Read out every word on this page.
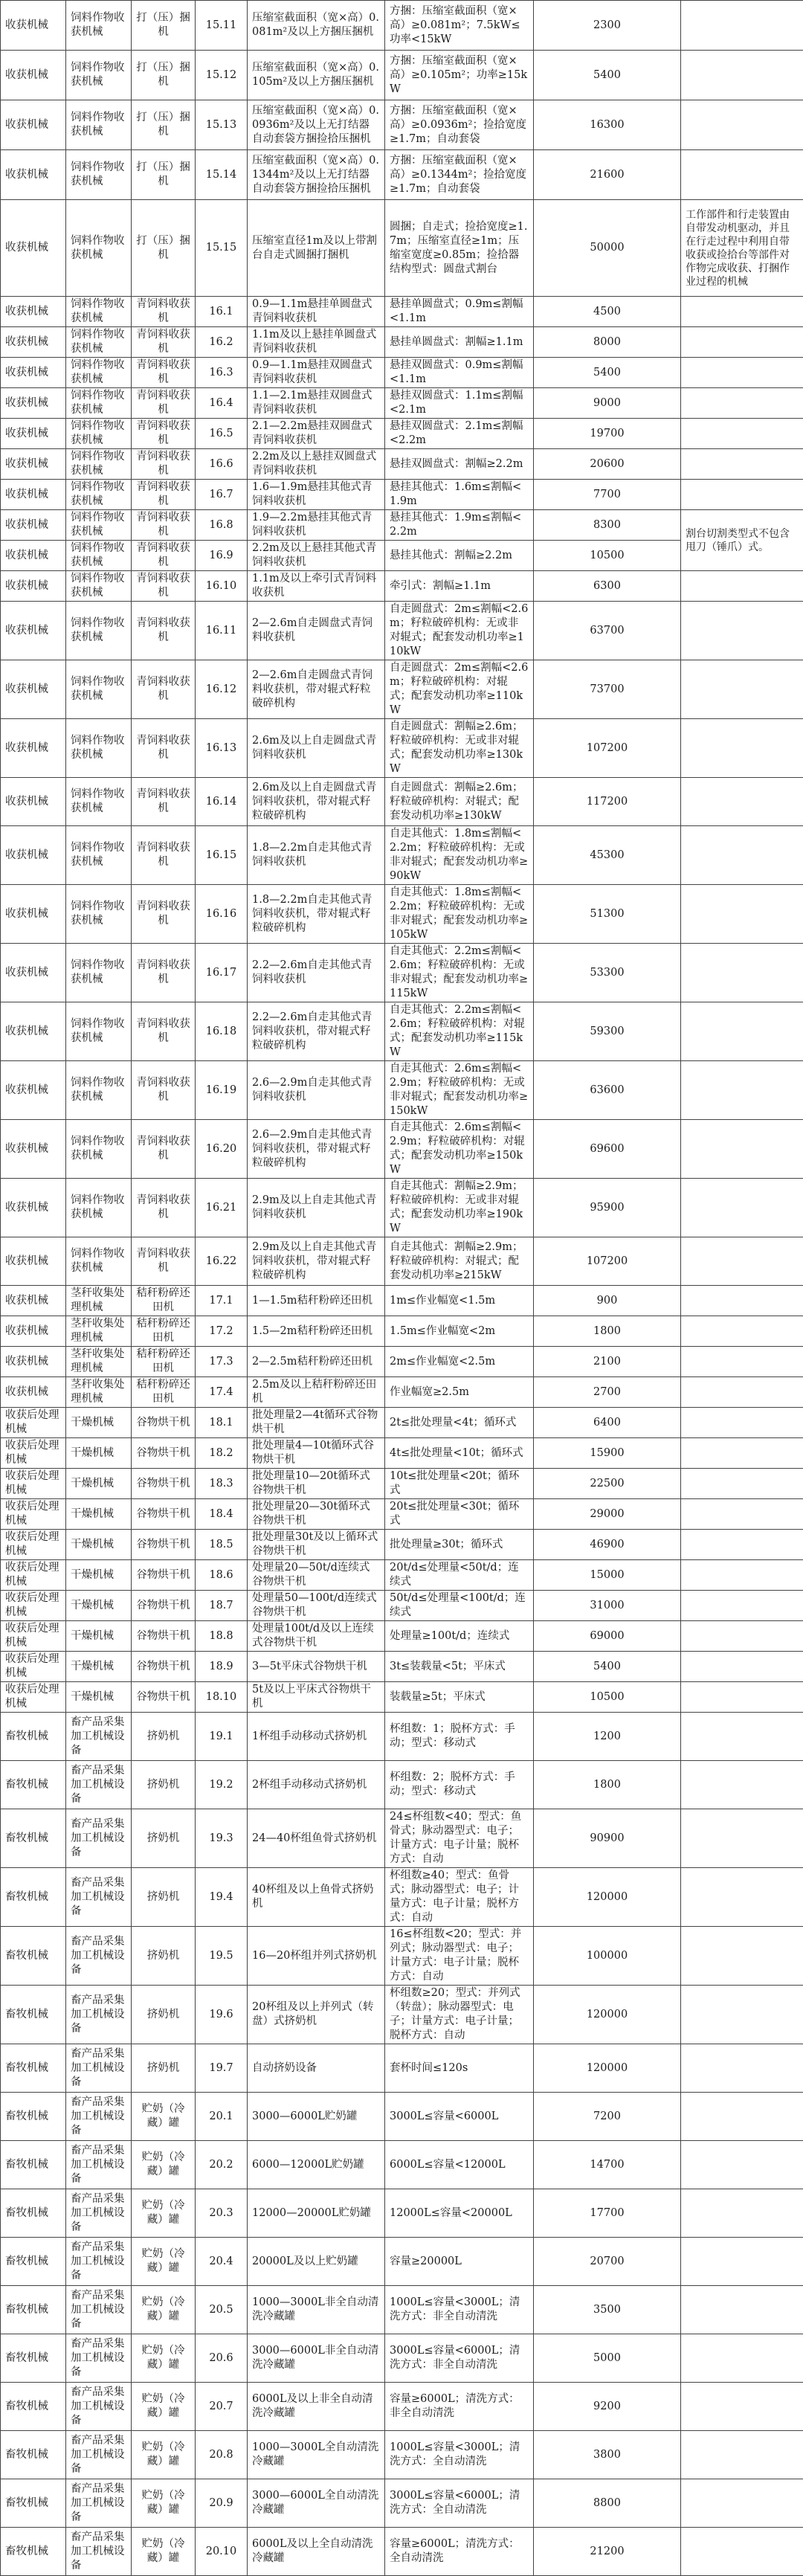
收获机械	饲料作物收获机械	打（压）捆机	15.11	压缩室截面积（宽×高）0.081m²及以上方捆压捆机	方捆：压缩室截面积（宽×高）≥0.081m²；7.5kW≤功率<15kW	2300	
收获机械	饲料作物收获机械	打（压）捆机	15.12	压缩室截面积（宽×高）0.105m²及以上方捆压捆机	方捆：压缩室截面积（宽×高）≥0.105m²；功率≥15kW	5400	
收获机械	饲料作物收获机械	打（压）捆机	15.13	压缩室截面积（宽×高）0.0936m²及以上无打结器自动套袋方捆捡拾压捆机	方捆：压缩室截面积（宽×高）≥0.0936m²；捡拾宽度≥1.7m；自动套袋	16300	
收获机械	饲料作物收获机械	打（压）捆机	15.14	压缩室截面积（宽×高）0.1344m²及以上无打结器自动套袋方捆捡拾压捆机	方捆：压缩室截面积（宽×高）≥0.1344m²；捡拾宽度≥1.7m；自动套袋	21600	
收获机械	饲料作物收获机械	打（压）捆机	15.15	压缩室直径1m及以上带割台自走式圆捆打捆机	圆捆；自走式；捡拾宽度≥1.7m；压缩室直径≥1m；压缩室宽度≥0.85m；捡拾器结构型式：圆盘式割台	50000	工作部件和行走装置由自带发动机驱动，并且在行走过程中利用自带收获或捡拾台等部件对作物完成收获、打捆作业过程的机械
收获机械	饲料作物收获机械	青饲料收获机	16.1	0.9—1.1m悬挂单圆盘式青饲料收获机	悬挂单圆盘式；0.9m≤割幅<1.1m	4500	
收获机械	饲料作物收获机械	青饲料收获机	16.2	1.1m及以上悬挂单圆盘式青饲料收获机	悬挂单圆盘式：割幅≥1.1m	8000	
收获机械	饲料作物收获机械	青饲料收获机	16.3	0.9—1.1m悬挂双圆盘式青饲料收获机	悬挂双圆盘式：0.9m≤割幅<1.1m	5400	
收获机械	饲料作物收获机械	青饲料收获机	16.4	1.1—2.1m悬挂双圆盘式青饲料收获机	悬挂双圆盘式：1.1m≤割幅<2.1m	9000	
收获机械	饲料作物收获机械	青饲料收获机	16.5	2.1—2.2m悬挂双圆盘式青饲料收获机	悬挂双圆盘式：2.1m≤割幅<2.2m	19700	
收获机械	饲料作物收获机械	青饲料收获机	16.6	2.2m及以上悬挂双圆盘式青饲料收获机	悬挂双圆盘式：割幅≥2.2m	20600	
收获机械	饲料作物收获机械	青饲料收获机	16.7	1.6—1.9m悬挂其他式青饲料收获机	悬挂其他式：1.6m≤割幅<1.9m	7700	
收获机械	饲料作物收获机械	青饲料收获机	16.8	1.9—2.2m悬挂其他式青饲料收获机	悬挂其他式：1.9m≤割幅<2.2m	8300	割台切割类型式不包含甩刀（锤爪）式。
收获机械	饲料作物收获机械	青饲料收获机	16.9	2.2m及以上悬挂其他式青饲料收获机	悬挂其他式：割幅≥2.2m	10500	
收获机械	饲料作物收获机械	青饲料收获机	16.10	1.1m及以上牵引式青饲料收获机	牵引式：割幅≥1.1m	6300	
收获机械	饲料作物收获机械	青饲料收获机	16.11	2—2.6m自走圆盘式青饲料收获机	自走圆盘式：2m≤割幅<2.6m；籽粒破碎机构：无或非对辊式；配套发动机功率≥110kW	63700	
收获机械	饲料作物收获机械	青饲料收获机	16.12	2—2.6m自走圆盘式青饲料收获机，带对辊式籽粒破碎机构	自走圆盘式：2m≤割幅<2.6m；籽粒破碎机构：对辊式；配套发动机功率≥110kW	73700	
收获机械	饲料作物收获机械	青饲料收获机	16.13	2.6m及以上自走圆盘式青饲料收获机	自走圆盘式：割幅≥2.6m；籽粒破碎机构：无或非对辊式；配套发动机功率≥130kW	107200	
收获机械	饲料作物收获机械	青饲料收获机	16.14	2.6m及以上自走圆盘式青饲料收获机，带对辊式籽粒破碎机构	自走圆盘式：割幅≥2.6m；籽粒破碎机构：对辊式；配套发动机功率≥130kW	117200	
收获机械	饲料作物收获机械	青饲料收获机	16.15	1.8—2.2m自走其他式青饲料收获机	自走其他式：1.8m≤割幅<2.2m；籽粒破碎机构：无或非对辊式；配套发动机功率≥90kW	45300	
收获机械	饲料作物收获机械	青饲料收获机	16.16	1.8—2.2m自走其他式青饲料收获机，带对辊式籽粒破碎机构	自走其他式：1.8m≤割幅<2.2m；籽粒破碎机构：无或非对辊式；配套发动机功率≥105kW	51300	
收获机械	饲料作物收获机械	青饲料收获机	16.17	2.2—2.6m自走其他式青饲料收获机	自走其他式：2.2m≤割幅<2.6m；籽粒破碎机构：无或非对辊式；配套发动机功率≥115kW	53300	
收获机械	饲料作物收获机械	青饲料收获机	16.18	2.2—2.6m自走其他式青饲料收获机，带对辊式籽粒破碎机构	自走其他式：2.2m≤割幅<2.6m；籽粒破碎机构：对辊式；配套发动机功率≥115kW	59300	
收获机械	饲料作物收获机械	青饲料收获机	16.19	2.6—2.9m自走其他式青饲料收获机	自走其他式：2.6m≤割幅<2.9m；籽粒破碎机构：无或非对辊式；配套发动机功率≥150kW	63600	
收获机械	饲料作物收获机械	青饲料收获机	16.20	2.6—2.9m自走其他式青饲料收获机，带对辊式籽粒破碎机构	自走其他式：2.6m≤割幅<2.9m；籽粒破碎机构：对辊式；配套发动机功率≥150kW	69600	
收获机械	饲料作物收获机械	青饲料收获机	16.21	2.9m及以上自走其他式青饲料收获机	自走其他式：割幅≥2.9m；籽粒破碎机构：无或非对辊式；配套发动机功率≥190kW	95900	
收获机械	饲料作物收获机械	青饲料收获机	16.22	2.9m及以上自走其他式青饲料收获机，带对辊式籽粒破碎机构	自走其他式：割幅≥2.9m；籽粒破碎机构：对辊式；配套发动机功率≥215kW	107200	
收获机械	茎秆收集处理机械	秸秆粉碎还田机	17.1	1—1.5m秸秆粉碎还田机	1m≤作业幅宽<1.5m	900	
收获机械	茎秆收集处理机械	秸秆粉碎还田机	17.2	1.5—2m秸秆粉碎还田机	1.5m≤作业幅宽<2m	1800	
收获机械	茎秆收集处理机械	秸秆粉碎还田机	17.3	2—2.5m秸秆粉碎还田机	2m≤作业幅宽<2.5m	2100	
收获机械	茎秆收集处理机械	秸秆粉碎还田机	17.4	2.5m及以上秸秆粉碎还田机	作业幅宽≥2.5m	2700	
收获后处理机械	干燥机械	谷物烘干机	18.1	批处理量2—4t循环式谷物烘干机	2t≤批处理量<4t；循环式	6400	
收获后处理机械	干燥机械	谷物烘干机	18.2	批处理量4—10t循环式谷物烘干机	4t≤批处理量<10t；循环式	15900	
收获后处理机械	干燥机械	谷物烘干机	18.3	批处理量10—20t循环式谷物烘干机	10t≤批处理量<20t；循环式	22500	
收获后处理机械	干燥机械	谷物烘干机	18.4	批处理量20—30t循环式谷物烘干机	20t≤批处理量<30t；循环式	29000	
收获后处理机械	干燥机械	谷物烘干机	18.5	批处理量30t及以上循环式谷物烘干机	批处理量≥30t；循环式	46900	
收获后处理机械	干燥机械	谷物烘干机	18.6	处理量20—50t/d连续式谷物烘干机	20t/d≤处理量<50t/d；连续式	15000	
收获后处理机械	干燥机械	谷物烘干机	18.7	处理量50—100t/d连续式谷物烘干机	50t/d≤处理量<100t/d；连续式	31000	
收获后处理机械	干燥机械	谷物烘干机	18.8	处理量100t/d及以上连续式谷物烘干机	处理量≥100t/d；连续式	69000	
收获后处理机械	干燥机械	谷物烘干机	18.9	3—5t平床式谷物烘干机	3t≤装载量<5t；平床式	5400	
收获后处理机械	干燥机械	谷物烘干机	18.10	5t及以上平床式谷物烘干机	装载量≥5t；平床式	10500	
畜牧机械	畜产品采集加工机械设备	挤奶机	19.1	1杯组手动移动式挤奶机	杯组数：1；脱杯方式：手动；型式：移动式	1200	
畜牧机械	畜产品采集加工机械设备	挤奶机	19.2	2杯组手动移动式挤奶机	杯组数：2；脱杯方式：手动；型式：移动式	1800	
畜牧机械	畜产品采集加工机械设备	挤奶机	19.3	24—40杯组鱼骨式挤奶机	24≤杯组数<40；型式：鱼骨式；脉动器型式：电子；计量方式：电子计量；脱杯方式：自动	90900	
畜牧机械	畜产品采集加工机械设备	挤奶机	19.4	40杯组及以上鱼骨式挤奶机	杯组数≥40；型式：鱼骨式；脉动器型式：电子；计量方式：电子计量；脱杯方式：自动	120000	
畜牧机械	畜产品采集加工机械设备	挤奶机	19.5	16—20杯组并列式挤奶机	16≤杯组数<20；型式：并列式；脉动器型式：电子；计量方式：电子计量；脱杯方式：自动	100000	
畜牧机械	畜产品采集加工机械设备	挤奶机	19.6	20杯组及以上并列式（转盘）式挤奶机	杯组数≥20；型式：并列式（转盘）；脉动器型式：电子；计量方式：电子计量；脱杯方式：自动	120000	
畜牧机械	畜产品采集加工机械设备	挤奶机	19.7	自动挤奶设备	套杯时间≤120s	120000	
畜牧机械	畜产品采集加工机械设备	贮奶（冷藏）罐	20.1	3000—6000L贮奶罐	3000L≤容量<6000L	7200	
畜牧机械	畜产品采集加工机械设备	贮奶（冷藏）罐	20.2	6000—12000L贮奶罐	6000L≤容量<12000L	14700	
畜牧机械	畜产品采集加工机械设备	贮奶（冷藏）罐	20.3	12000—20000L贮奶罐	12000L≤容量<20000L	17700	
畜牧机械	畜产品采集加工机械设备	贮奶（冷藏）罐	20.4	20000L及以上贮奶罐	容量≥20000L	20700	
畜牧机械	畜产品采集加工机械设备	贮奶（冷藏）罐	20.5	1000—3000L非全自动清洗冷藏罐	1000L≤容量<3000L；清洗方式：非全自动清洗	3500	
畜牧机械	畜产品采集加工机械设备	贮奶（冷藏）罐	20.6	3000—6000L非全自动清洗冷藏罐	3000L≤容量<6000L；清洗方式：非全自动清洗	5000	
畜牧机械	畜产品采集加工机械设备	贮奶（冷藏）罐	20.7	6000L及以上非全自动清洗冷藏罐	容量≥6000L；清洗方式：非全自动清洗	9200	
畜牧机械	畜产品采集加工机械设备	贮奶（冷藏）罐	20.8	1000—3000L全自动清洗冷藏罐	1000L≤容量<3000L；清洗方式：全自动清洗	3800	
畜牧机械	畜产品采集加工机械设备	贮奶（冷藏）罐	20.9	3000—6000L全自动清洗冷藏罐	3000L≤容量<6000L；清洗方式：全自动清洗	8800	
畜牧机械	畜产品采集加工机械设备	贮奶（冷藏）罐	20.10	6000L及以上全自动清洗冷藏罐	容量≥6000L；清洗方式：全自动清洗	21200	
